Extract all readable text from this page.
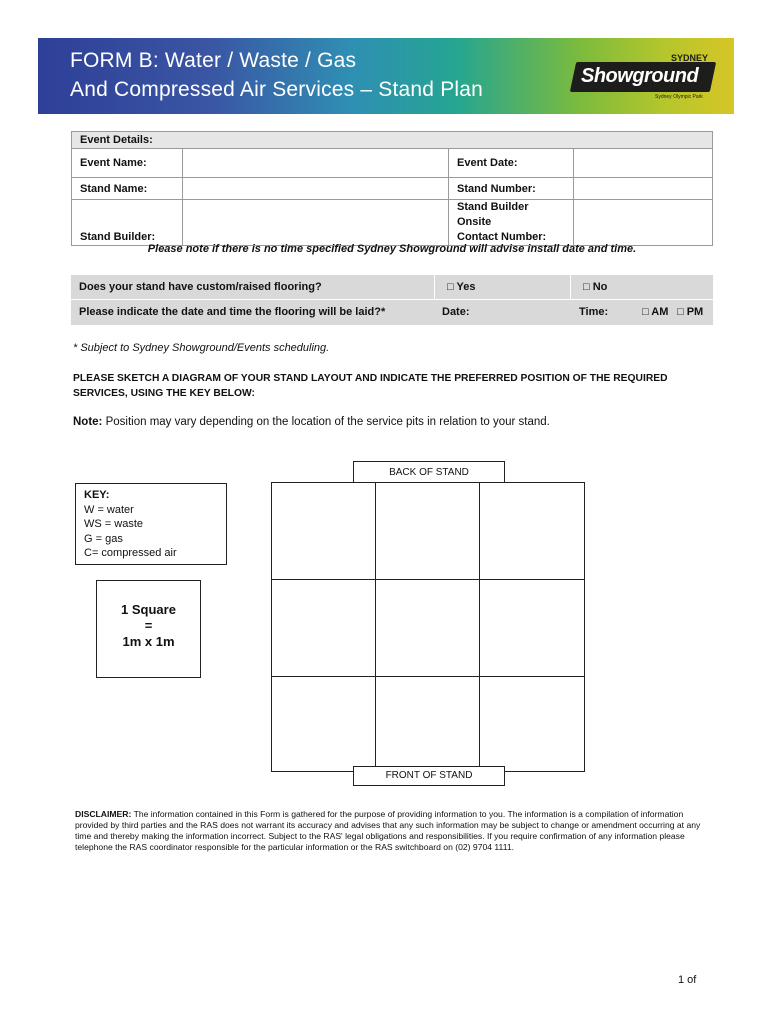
FORM B: Water / Waste / Gas
And Compressed Air Services – Stand Plan
SYDNEY
Showground
Sydney Olympic Park
Event Details:			
Event Name:		Event Date:	
Stand Name:		Stand Number:	
Stand Builder:		Stand Builder Onsite
Contact Number:	

Please note if there is no time specified Sydney Showground will advise install date and time.
Does your stand have custom/raised flooring?	□ Yes	□ No
Please indicate the date and time the flooring will be laid?*	Date:	Time:	□ AM □ PM
* Subject to Sydney Showground/Events scheduling.
PLEASE SKETCH A DIAGRAM OF YOUR STAND LAYOUT AND INDICATE THE PREFERRED POSITION OF THE REQUIRED
SERVICES, USING THE KEY BELOW:
Note: Position may vary depending on the location of the service pits in relation to your stand.
KEY:
W = water
WS = waste
G = gas
C= compressed air
1 Square
=
1m x 1m
BACK OF STAND
FRONT OF STAND
DISCLAIMER: The information contained in this Form is gathered for the purpose of providing information to you. The information is a compilation of information provided by third parties and the RAS does not warrant its accuracy and advises that any such information may be subject to change or amendment occurring at any time and thereby making the information incorrect. Subject to the RAS' legal obligations and responsibilities. If you require confirmation of any information please telephone the RAS coordinator responsible for the particular information or the RAS switchboard on (02) 9704 1111.
1 of
